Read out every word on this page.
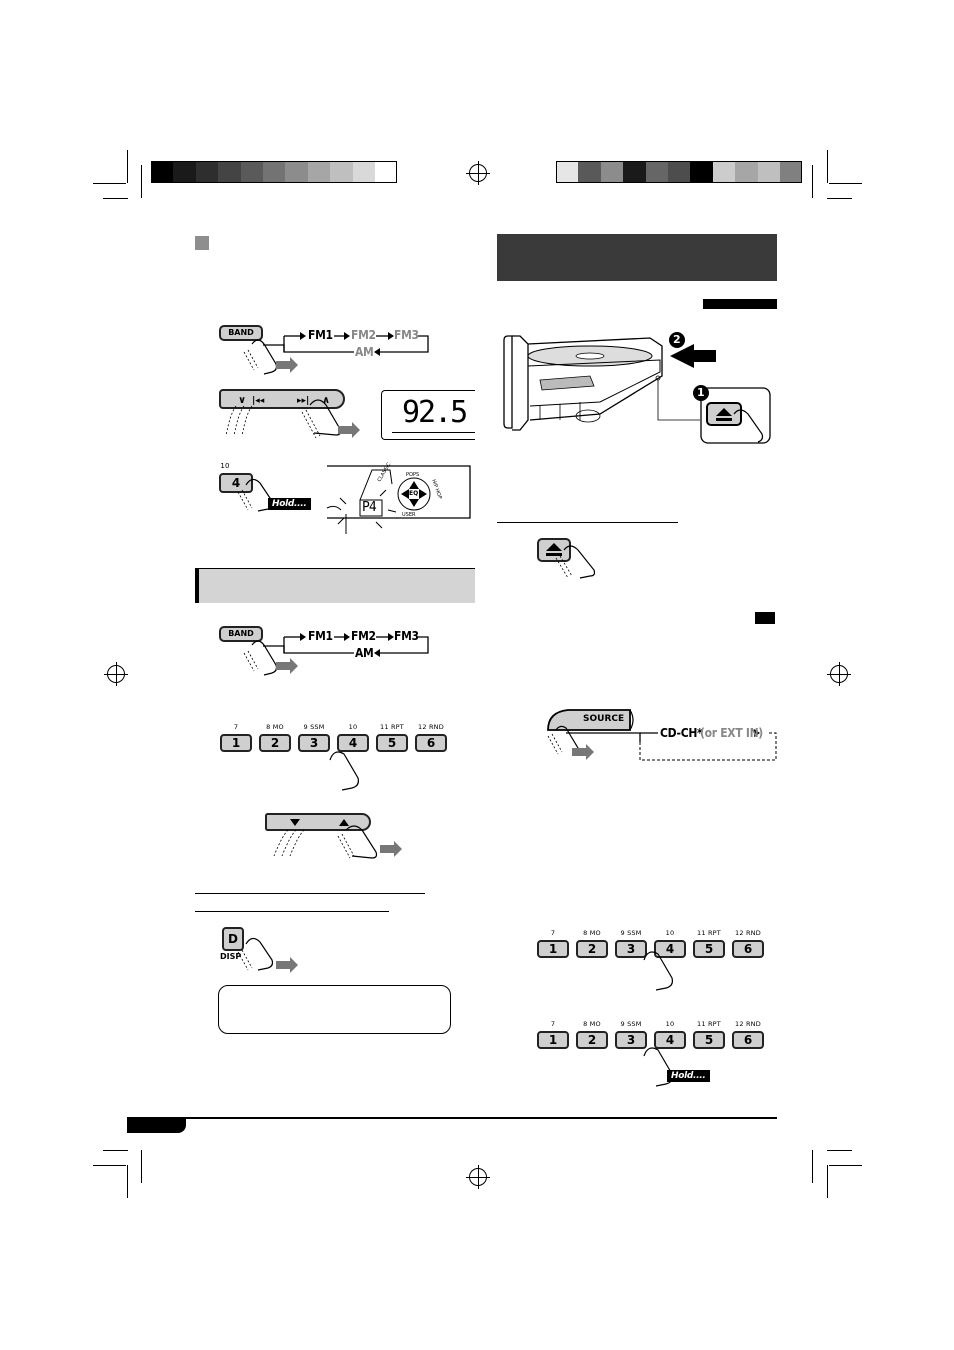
BAND	FM1 FM2 FM3
AM
∨ |◂◂	▸▸| ∧ 92.5
10
4
Hold....
CLASSIC	POPS
HIP HOP
USER
EQ
P4
BAND	FM1 FM2 FM3
AM
7
1
8 MO
2
9 SSM
3
10
4
11 RPT
5
12 RND
6
D
DISP
2
1
SOURCE
CD-CH*
(or EXT IN)
7
1
8 MO
2
9 SSM
3
10
4
11 RPT
5
12 RND
6
7
1
8 MO
2
9 SSM
3
10
4
11 RPT
5
12 RND
6
Hold....
